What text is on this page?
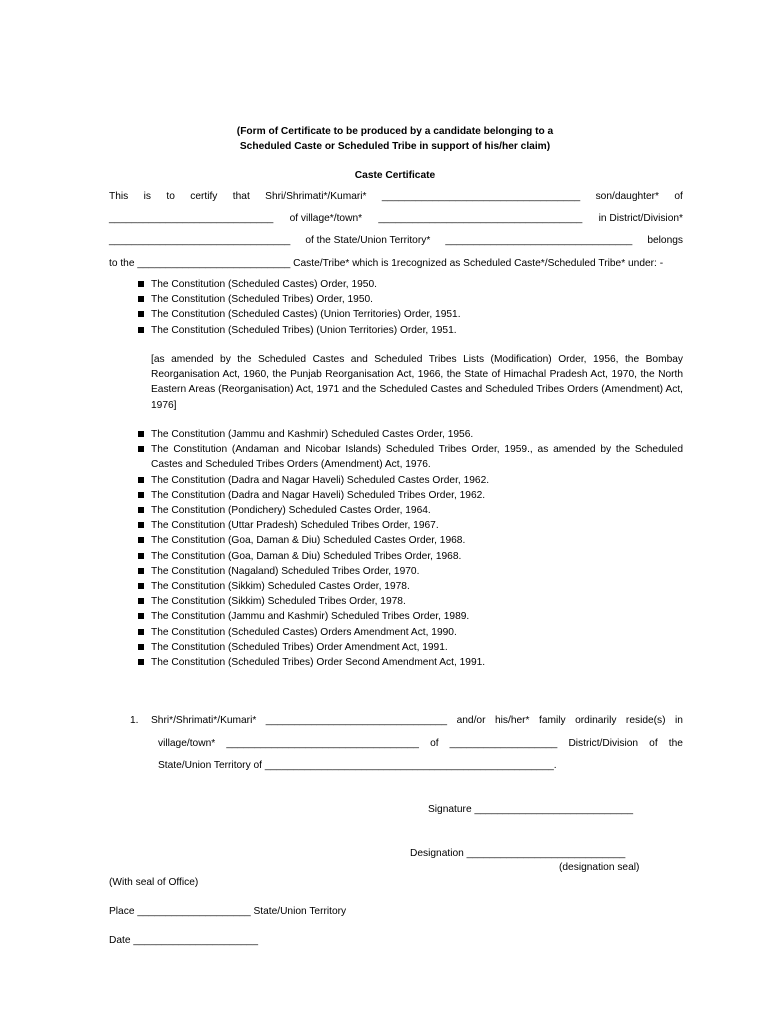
(Form of Certificate to be produced by a candidate belonging to a
Scheduled Caste or Scheduled Tribe in support of his/her claim)
Caste Certificate
This is to certify that Shri/Shrimati*/Kumari* ___________________________________ son/daughter* of
_____________________________ of village*/town* ____________________________________ in District/Division*
________________________________ of the State/Union Territory* _________________________________ belongs
to the ___________________________ Caste/Tribe* which is 1recognized as Scheduled Caste*/Scheduled Tribe* under: -
The Constitution (Scheduled Castes) Order, 1950.
The Constitution (Scheduled Tribes) Order, 1950.
The Constitution (Scheduled Castes) (Union Territories) Order, 1951.
The Constitution (Scheduled Tribes) (Union Territories) Order, 1951.
[as amended by the Scheduled Castes and Scheduled Tribes Lists (Modification) Order, 1956, the Bombay Reorganisation Act, 1960, the Punjab Reorganisation Act, 1966, the State of Himachal Pradesh Act, 1970, the North Eastern Areas (Reorganisation) Act, 1971 and the Scheduled Castes and Scheduled Tribes Orders (Amendment) Act, 1976]
The Constitution (Jammu and Kashmir) Scheduled Castes Order, 1956.
The Constitution (Andaman and Nicobar Islands) Scheduled Tribes Order, 1959., as amended by the Scheduled Castes and Scheduled Tribes Orders (Amendment) Act, 1976.
The Constitution (Dadra and Nagar Haveli) Scheduled Castes Order, 1962.
The Constitution (Dadra and Nagar Haveli) Scheduled Tribes Order, 1962.
The Constitution (Pondichery) Scheduled Castes Order, 1964.
The Constitution (Uttar Pradesh) Scheduled Tribes Order, 1967.
The Constitution (Goa, Daman & Diu) Scheduled Castes Order, 1968.
The Constitution (Goa, Daman & Diu) Scheduled Tribes Order, 1968.
The Constitution (Nagaland) Scheduled Tribes Order, 1970.
The Constitution (Sikkim) Scheduled Castes Order, 1978.
The Constitution (Sikkim) Scheduled Tribes Order, 1978.
The Constitution (Jammu and Kashmir) Scheduled Tribes Order, 1989.
The Constitution (Scheduled Castes) Orders Amendment Act, 1990.
The Constitution (Scheduled Tribes) Order Amendment Act, 1991.
The Constitution (Scheduled Tribes) Order Second Amendment Act, 1991.
1. Shri*/Shrimati*/Kumari* ________________________________ and/or his/her* family ordinarily reside(s) in
village/town* __________________________________ of ___________________ District/Division of the
State/Union Territory of ___________________________________________________.
Signature ____________________________
Designation ____________________________
(designation seal)
(With seal of Office)
Place ____________________ State/Union Territory
Date ______________________
